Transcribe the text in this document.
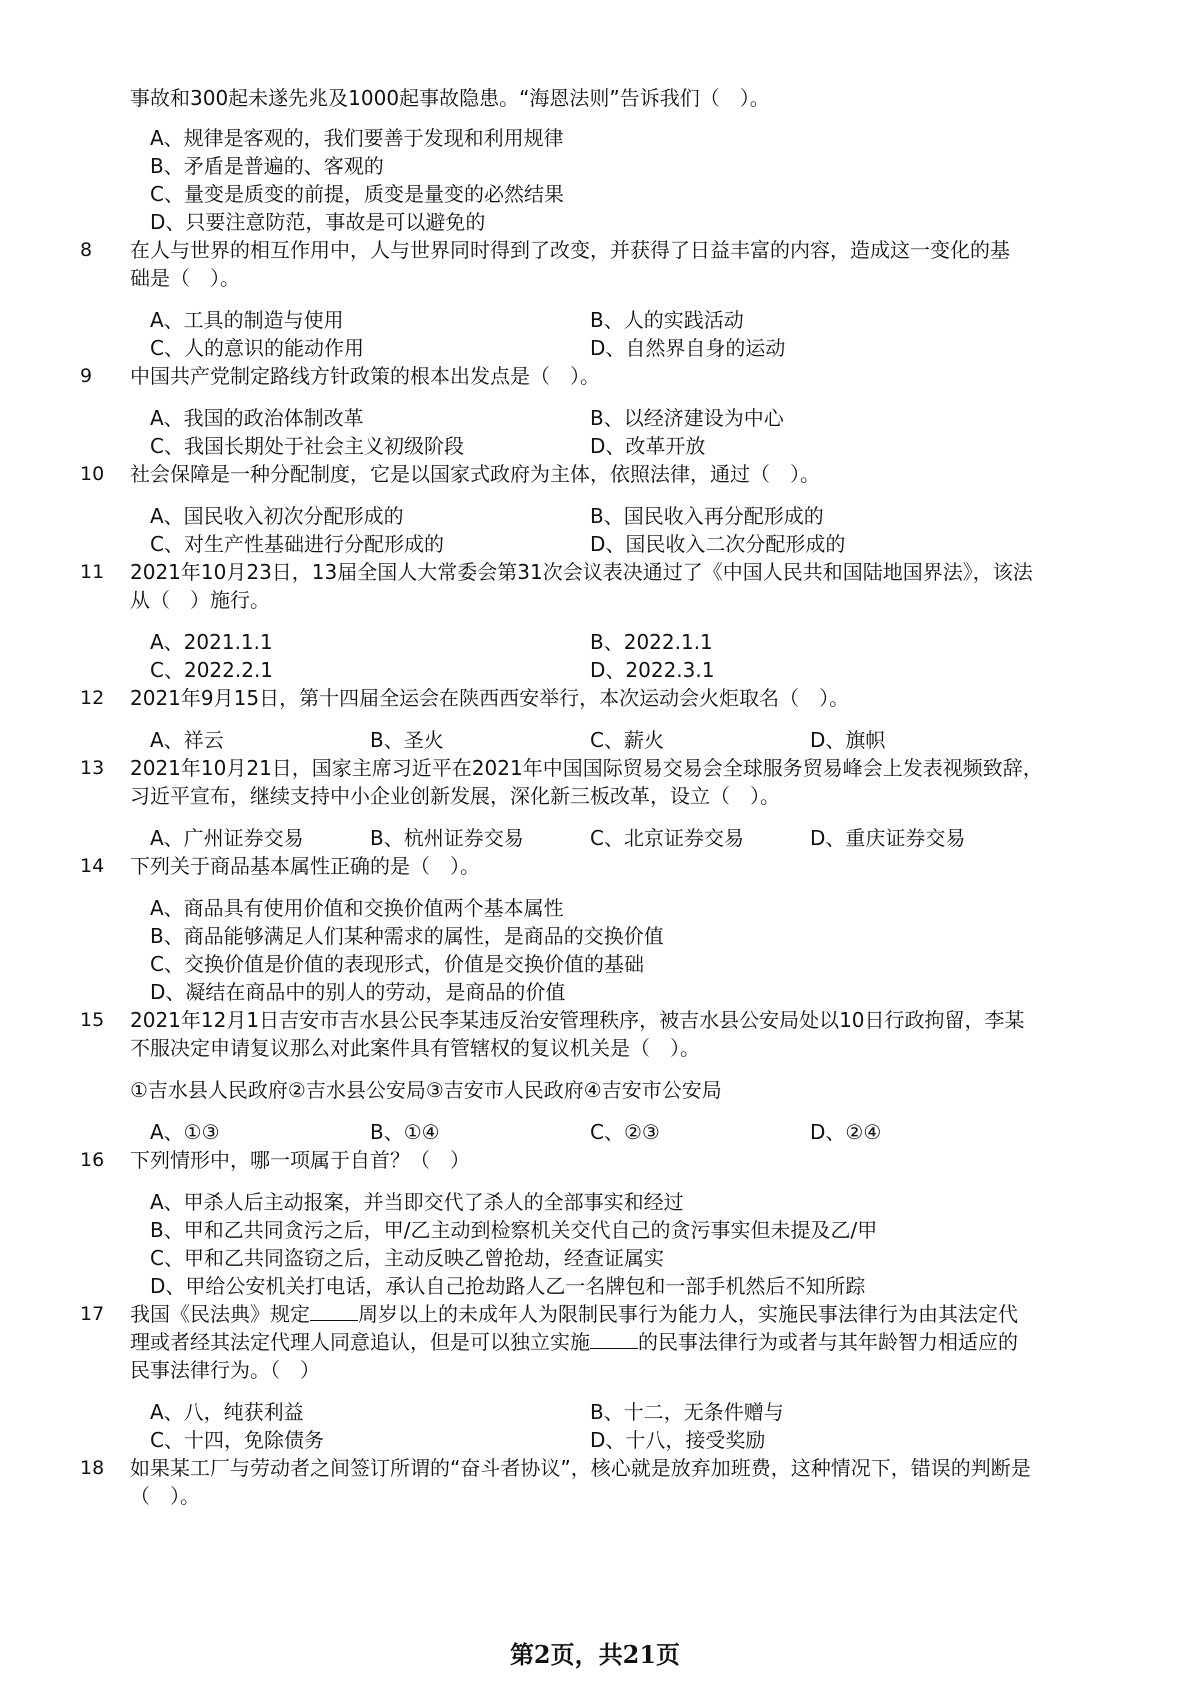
事故和300起未遂先兆及1000起事故隐患。“海恩法则”告诉我们（　）。
A、规律是客观的，我们要善于发现和利用规律
B、矛盾是普遍的、客观的
C、量变是质变的前提，质变是量变的必然结果
D、只要注意防范，事故是可以避免的
8 在人与世界的相互作用中，人与世界同时得到了改变，并获得了日益丰富的内容，造成这一变化的基
础是（　）。
A、工具的制造与使用	B、人的实践活动
C、人的意识的能动作用	D、自然界自身的运动
9 中国共产党制定路线方针政策的根本出发点是（　）。
A、我国的政治体制改革	B、以经济建设为中心
C、我国长期处于社会主义初级阶段	D、改革开放
10 社会保障是一种分配制度，它是以国家式政府为主体，依照法律，通过（　）。
A、国民收入初次分配形成的	B、国民收入再分配形成的
C、对生产性基础进行分配形成的	D、国民收入二次分配形成的
11 2021年10月23日，13届全国人大常委会第31次会议表决通过了《中国人民共和国陆地国界法》，该法
从（　）施行。
A、2021.1.1	B、2022.1.1
C、2022.2.1	D、2022.3.1
12 2021年9月15日，第十四届全运会在陕西西安举行，本次运动会火炬取名（　）。
A、祥云	B、圣火	C、薪火	D、旗帜
13 2021年10月21日，国家主席习近平在2021年中国国际贸易交易会全球服务贸易峰会上发表视频致辞，
习近平宣布，继续支持中小企业创新发展，深化新三板改革，设立（　）。
A、广州证券交易	B、杭州证券交易	C、北京证券交易	D、重庆证券交易
14 下列关于商品基本属性正确的是（　）。
A、商品具有使用价值和交换价值两个基本属性
B、商品能够满足人们某种需求的属性，是商品的交换价值
C、交换价值是价值的表现形式，价值是交换价值的基础
D、凝结在商品中的别人的劳动，是商品的价值
15 2021年12月1日吉安市吉水县公民李某违反治安管理秩序，被吉水县公安局处以10日行政拘留，李某
不服决定申请复议那么对此案件具有管辖权的复议机关是（　）。
①吉水县人民政府②吉水县公安局③吉安市人民政府④吉安市公安局
A、①③	B、①④	C、②③	D、②④
16 下列情形中，哪一项属于自首？（　）
A、甲杀人后主动报案，并当即交代了杀人的全部事实和经过
B、甲和乙共同贪污之后，甲/乙主动到检察机关交代自己的贪污事实但未提及乙/甲
C、甲和乙共同盗窃之后，主动反映乙曾抢劫，经查证属实
D、甲给公安机关打电话，承认自己抢劫路人乙一名牌包和一部手机然后不知所踪
17 我国《民法典》规定 周岁以上的未成年人为限制民事行为能力人，实施民事法律行为由其法定代
理或者经其法定代理人同意追认，但是可以独立实施 的民事法律行为或者与其年龄智力相适应的
民事法律行为。（　）
A、八，纯获利益	B、十二，无条件赠与
C、十四，免除债务	D、十八，接受奖励
18 如果某工厂与劳动者之间签订所谓的“奋斗者协议”，核心就是放弃加班费，这种情况下，错误的判断是
（　）。
第2页，共21页
